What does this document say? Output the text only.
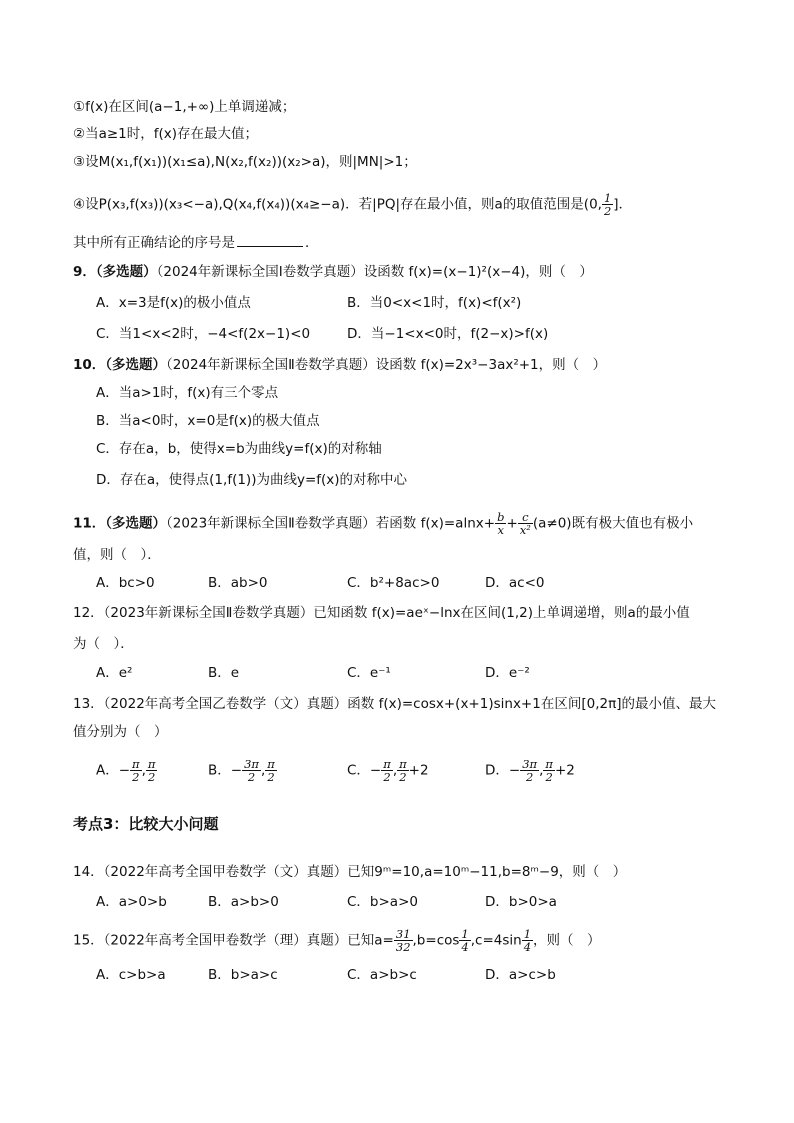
①f(x)在区间(a−1,+∞)上单调递减；
②当a≥1时，f(x)存在最大值；
③设M(x₁,f(x₁))(x₁≤a),N(x₂,f(x₂))(x₂>a)，则|MN|>1；
④设P(x₃,f(x₃))(x₃<−a),Q(x₄,f(x₄))(x₄≥−a)．若|PQ|存在最小值，则a的取值范围是(0, $\frac{1}{2}$ ]．
其中所有正确结论的序号是	．
9．（多选题）（2024年新课标全国Ⅰ卷数学真题）设函数 f(x)=(x−1)²(x−4)，则（　）
A．x=3是f(x)的极小值点	B．当0<x<1时，f(x)<f(x²)
C．当1<x<2时，−4<f(2x−1)<0	D．当−1<x<0时，f(2−x)>f(x)
10．（多选题）（2024年新课标全国Ⅱ卷数学真题）设函数 f(x)=2x³−3ax²+1，则（　）
A．当a>1时，f(x)有三个零点
B．当a<0时，x=0是f(x)的极大值点
C．存在a，b，使得x=b为曲线y=f(x)的对称轴
D．存在a，使得点(1,f(1))为曲线y=f(x)的对称中心
11．（多选题）（2023年新课标全国Ⅱ卷数学真题）若函数 $f(x)=alnx+ \frac{b}{x} + \frac{c}{\text{x²}} (a\ne 0)$既有极大值也有极小
值，则（　）．
A．bc>0	B．ab>0	C．b²+8ac>0	D．ac<0
12．（2023年新课标全国Ⅱ卷数学真题）已知函数 f(x)=aeˣ−lnx在区间(1,2)上单调递增，则a的最小值
为（　）．
A．e²	B．e	C．e⁻¹	D．e⁻²
13．（2022年高考全国乙卷数学（文）真题）函数 f(x)=cosx+(x+1)sinx+1在区间[0,2π]的最小值、最大
值分别为（　）
A．− $\frac{\pi}{2}$ , $\frac{\pi}{2}$	B．− $\frac{3\pi}{2}$ , $\frac{\pi}{2}$	C．− $\frac{\pi}{2}$ , $\frac{\pi}{2} +2$	D．− $\frac{3\pi}{2}$ , $\frac{\pi}{2} +2$
考点3：比较大小问题
14．（2022年高考全国甲卷数学（文）真题）已知9ᵐ=10,a=10ᵐ−11,b=8ᵐ−9，则（　）
A．a>0>b	B．a>b>0	C．b>a>0	D．b>0>a
15．（2022年高考全国甲卷数学（理）真题）已知$a= \frac{31}{32} ,b=\cos \frac{1}{4} ,c=4\sin \frac{1}{4}$ ，则（　）
A．c>b>a	B．b>a>c	C．a>b>c	D．a>c>b
